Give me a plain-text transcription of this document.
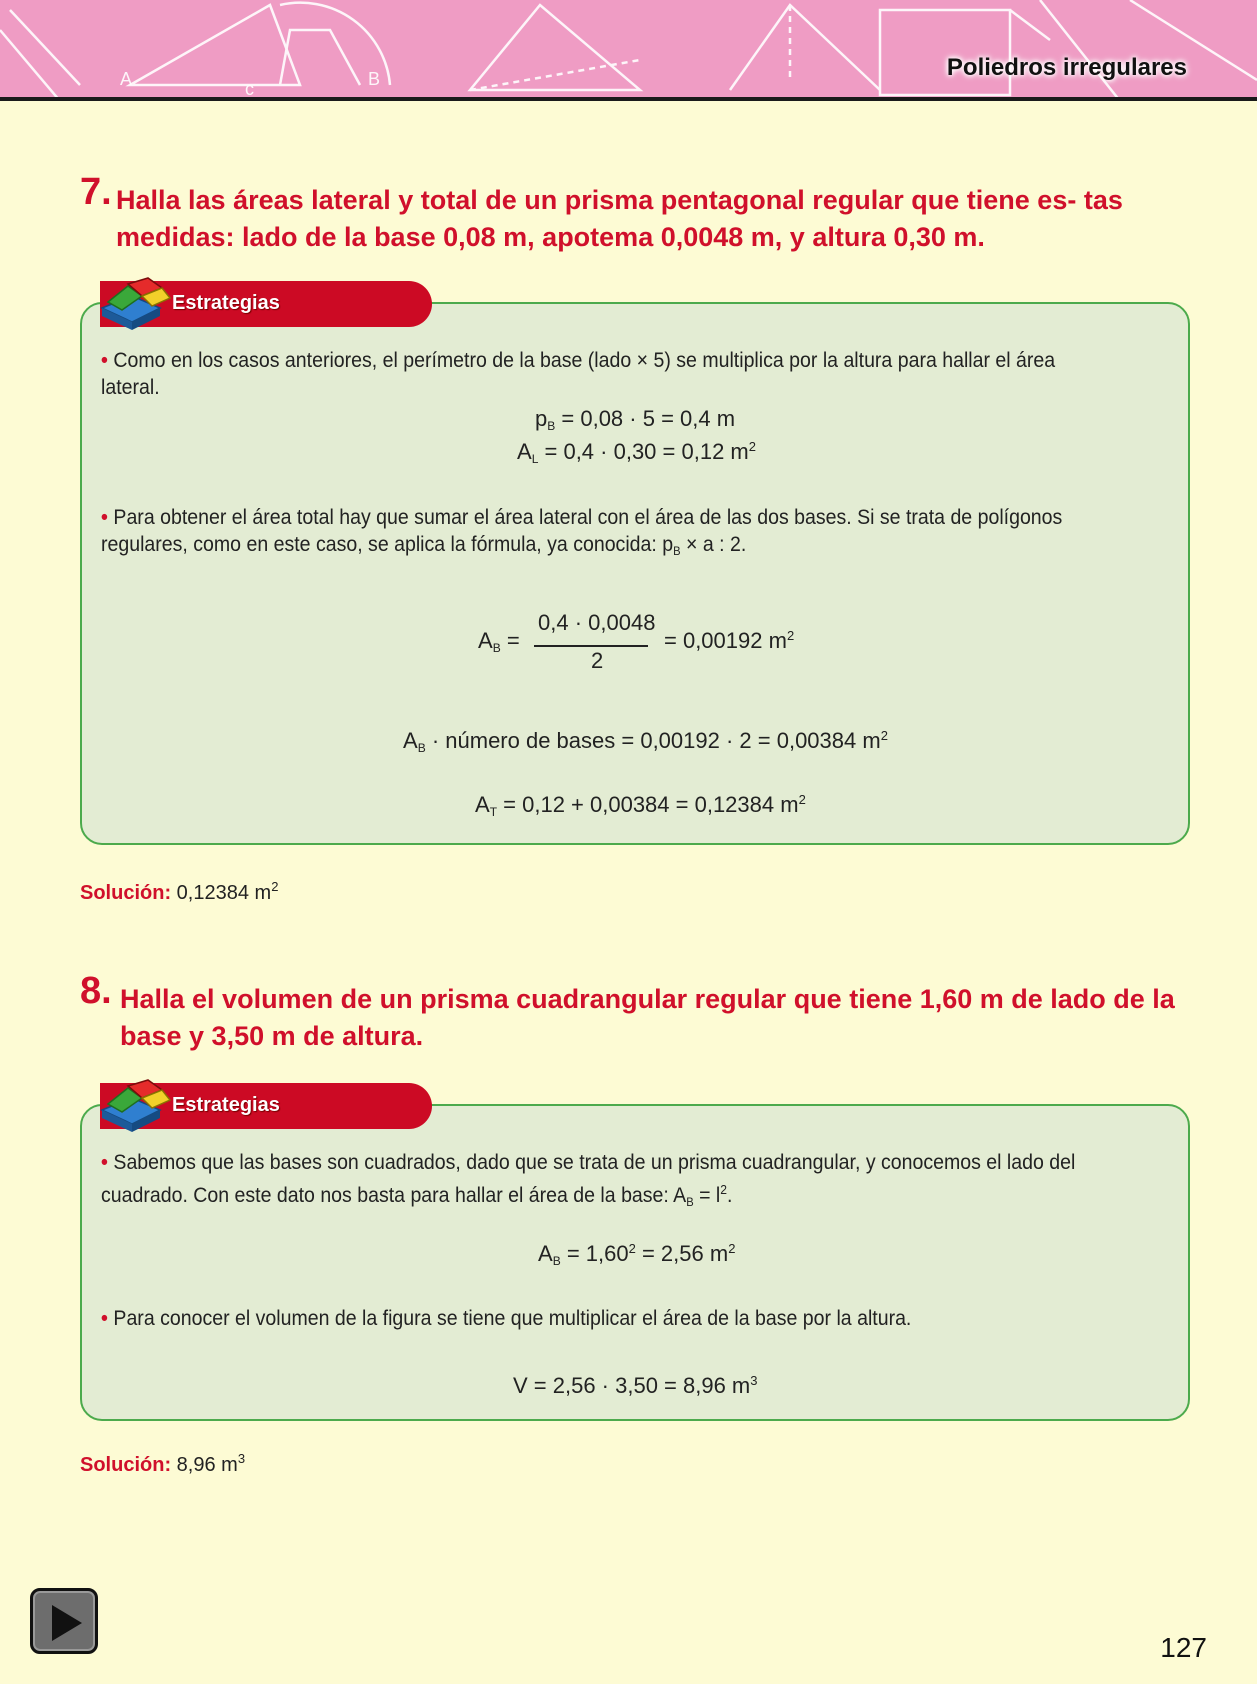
A	B
c
Poliedros irregulares
7. Halla las áreas lateral y total de un prisma pentagonal regular que tiene es- tas medidas: lado de la base 0,08 m, apotema 0,0048 m, y altura 0,30 m.
Estrategias
• Como en los casos anteriores, el perímetro de la base (lado × 5) se multiplica por la altura para hallar el área lateral.
$p_B = 0,08 \cdot 5 = 0,4$ m
$A_L = 0,4 \cdot 0,30 = 0,12$ $m^2$
• Para obtener el área total hay que sumar el área lateral con el área de las dos bases. Si se trata de polígonos regulares, como en este caso, se aplica la fórmula, ya conocida: $p_B \times a$ : 2.
$A_B$ =
0,4 · 0,0048
2
= 0,00192 $m^2$
$A_B$ · número de bases = 0,00192 · 2 = 0,00384 $m^2$
$A_T = 0,12 + 0,00384 = 0,12384$ $m^2$
Solución: 0,12384 $m^2$
8. Halla el volumen de un prisma cuadrangular regular que tiene 1,60 m de lado de la base y 3,50 m de altura.
Estrategias
• Sabemos que las bases son cuadrados, dado que se trata de un prisma cuadrangular, y conocemos el lado del cuadrado. Con este dato nos basta para hallar el área de la base: $A_B = l^2$.
$A_B = 1,60^2 = 2,56$ $m^2$
• Para conocer el volumen de la figura se tiene que multiplicar el área de la base por la altura.
V = 2,56 · 3,50 = 8,96 $m^3$
Solución: 8,96 $m^3$
127
